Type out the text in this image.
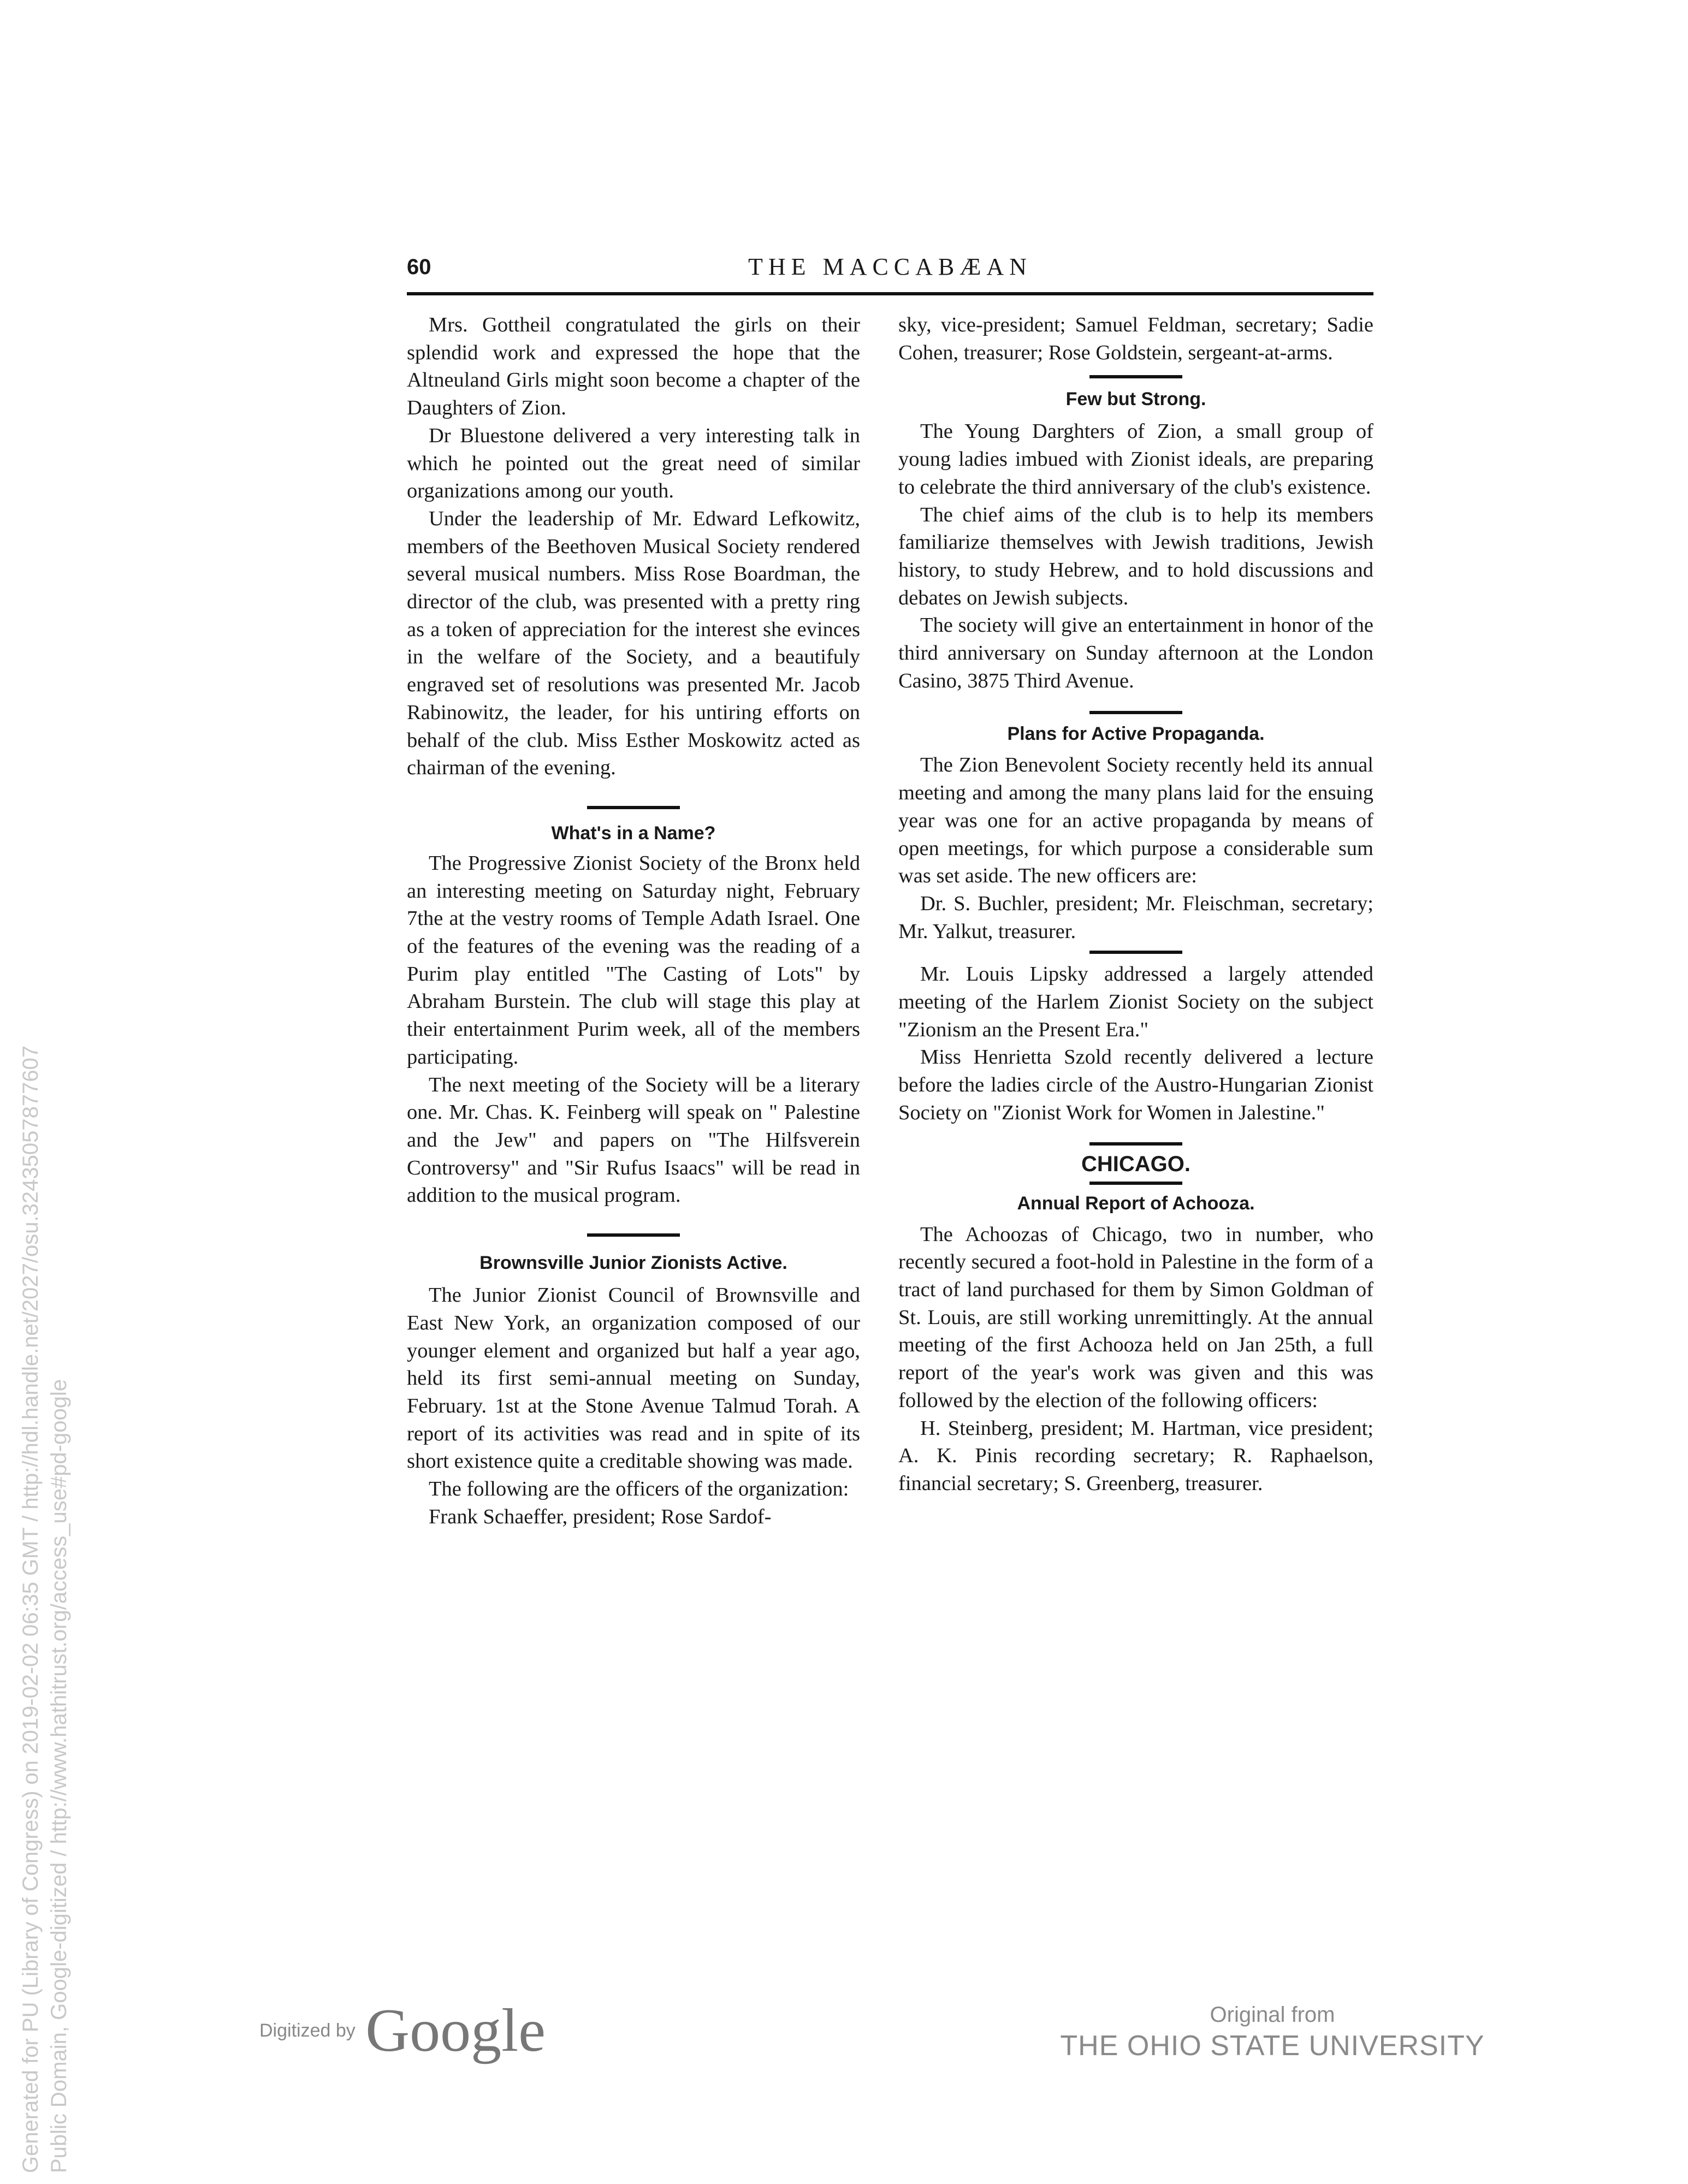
Generated for PU (Library of Congress) on 2019-02-02 06:35 GMT / http://hdl.handle.net/2027/osu.32435057877607 Public Domain, Google-digitized / http://www.hathitrust.org/access_use#pd-google
60	THE MACCABÆAN

Mrs. Gottheil congratulated the girls on their splendid work and expressed the hope that the Altneuland Girls might soon become a chapter of the Daughters of Zion.

Dr Bluestone delivered a very interesting talk in which he pointed out the great need of similar organizations among our youth.

Under the leadership of Mr. Edward Lefkowitz, members of the Beethoven Musical Society rendered several musical numbers. Miss Rose Boardman, the director of the club, was presented with a pretty ring as a token of appreciation for the interest she evinces in the welfare of the Society, and a beautifuly engraved set of resolutions was presented Mr. Jacob Rabinowitz, the leader, for his untiring efforts on behalf of the club. Miss Esther Moskowitz acted as chairman of the evening.

What's in a Name?

The Progressive Zionist Society of the Bronx held an interesting meeting on Saturday night, February 7the at the vestry rooms of Temple Adath Israel. One of the features of the evening was the reading of a Purim play entitled "The Casting of Lots" by Abraham Burstein. The club will stage this play at their entertainment Purim week, all of the members participating.

The next meeting of the Society will be a literary one. Mr. Chas. K. Feinberg will speak on " Palestine and the Jew" and papers on "The Hilfsverein Controversy" and "Sir Rufus Isaacs" will be read in addition to the musical program.

Brownsville Junior Zionists Active.

The Junior Zionist Council of Brownsville and East New York, an organization composed of our younger element and organized but half a year ago, held its first semi-annual meeting on Sunday, February. 1st at the Stone Avenue Talmud Torah. A report of its activities was read and in spite of its short existence quite a creditable showing was made.

The following are the officers of the organization:

Frank Schaeffer, president; Rose Sardof-

sky, vice-president; Samuel Feldman, secretary; Sadie Cohen, treasurer; Rose Goldstein, sergeant-at-arms.

Few but Strong.

The Young Darghters of Zion, a small group of young ladies imbued with Zionist ideals, are preparing to celebrate the third anniversary of the club's existence.

The chief aims of the club is to help its members familiarize themselves with Jewish traditions, Jewish history, to study Hebrew, and to hold discussions and debates on Jewish subjects.

The society will give an entertainment in honor of the third anniversary on Sunday afternoon at the London Casino, 3875 Third Avenue.

Plans for Active Propaganda.

The Zion Benevolent Society recently held its annual meeting and among the many plans laid for the ensuing year was one for an active propaganda by means of open meetings, for which purpose a considerable sum was set aside. The new officers are:

Dr. S. Buchler, president; Mr. Fleischman, secretary; Mr. Yalkut, treasurer.

Mr. Louis Lipsky addressed a largely attended meeting of the Harlem Zionist Society on the subject "Zionism an the Present Era."

Miss Henrietta Szold recently delivered a lecture before the ladies circle of the Austro-Hungarian Zionist Society on "Zionist Work for Women in Jalestine."

CHICAGO.
Annual Report of Achooza.

The Achoozas of Chicago, two in number, who recently secured a foot-hold in Palestine in the form of a tract of land purchased for them by Simon Goldman of St. Louis, are still working unremittingly. At the annual meeting of the first Achooza held on Jan 25th, a full report of the year's work was given and this was followed by the election of the following officers:

H. Steinberg, president; M. Hartman, vice president; A. K. Pinis recording secretary; R. Raphaelson, financial secretary; S. Greenberg, treasurer.

Digitized by Google	Original from
THE OHIO STATE UNIVERSITY
